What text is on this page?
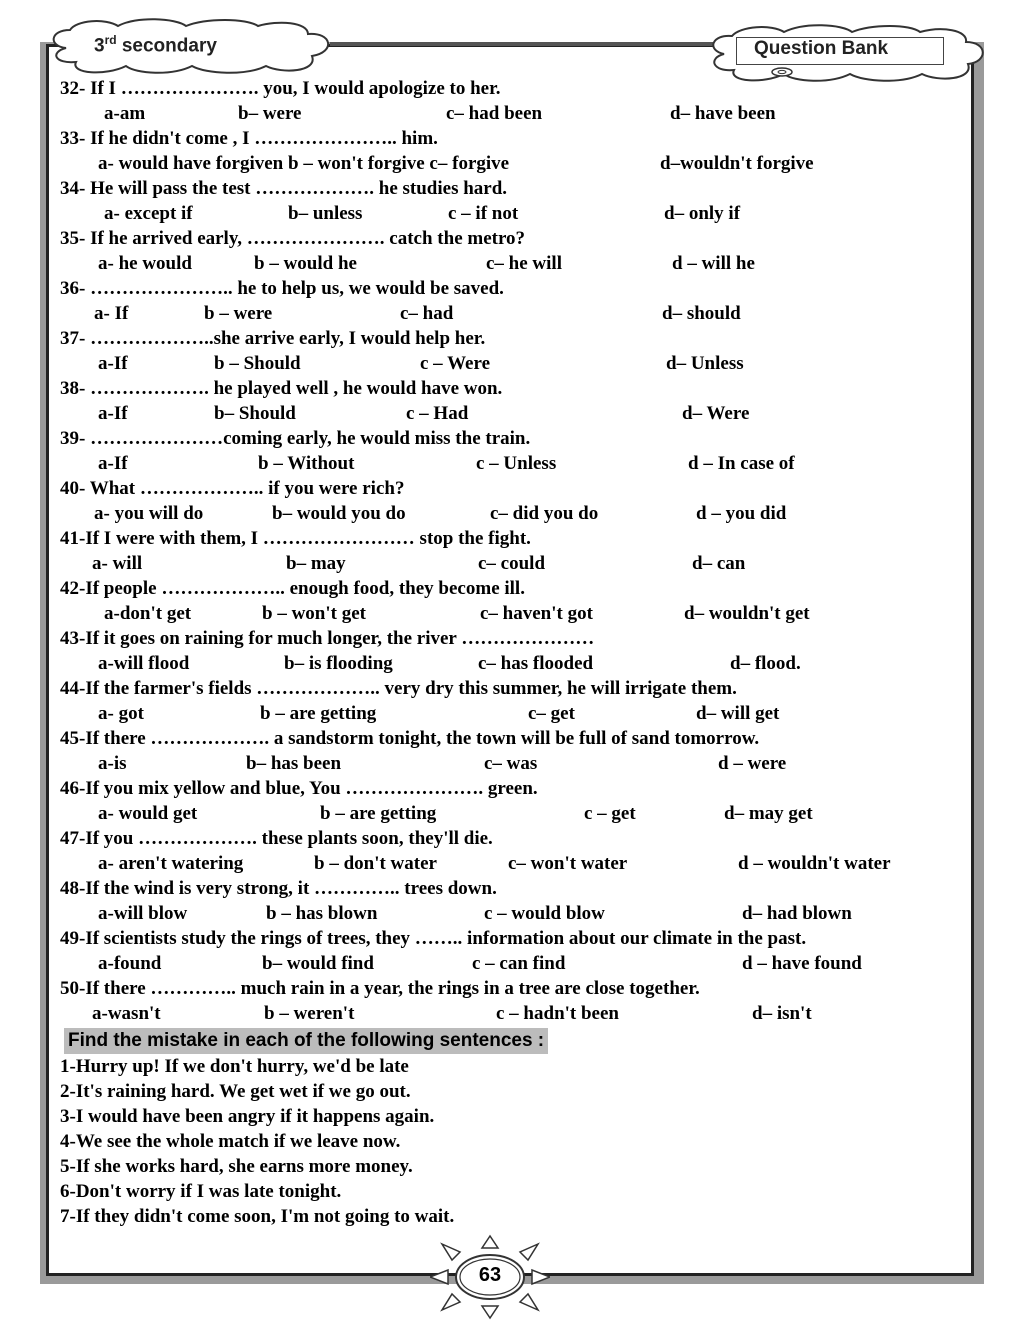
3rd secondary	Question Bank
32- If I …………………. you, I would apologize to her.
a-am	b– were	c– had been	d– have been
33- If he didn't come , I ………………….. him.
a- would have forgiven b – won't forgive c– forgive	d–wouldn't forgive
34- He will pass the test ………………. he studies hard.
a- except if	b– unless	c – if not	d– only if
35- If he arrived early, …………………. catch the metro?
a- he would	b – would he	c– he will	d – will he
36- ………………….. he to help us, we would be saved.
a- If	b – were	c– had	d– should
37- ………………..she arrive early, I would help her.
a-If	b – Should	c – Were	d– Unless
38- ………………. he played well , he would have won.
a-If	b– Should	c – Had	d– Were
39- …………………coming early, he would miss the train.
a-If	b – Without	c – Unless	d – In case of
40- What ……………….. if you were rich?
a- you will do	b– would you do	c– did you do	d – you did
41-If I were with them, I …………………… stop the fight.
a- will	b– may	c– could	d– can
42-If people ……………….. enough food, they become ill.
a-don't get	b – won't get	c– haven't got	d– wouldn't get
43-If it goes on raining for much longer, the river …………………
a-will flood	b– is flooding	c– has flooded	d– flood.
44-If the farmer's fields ……………….. very dry this summer, he will irrigate them.
a- got	b – are getting	c– get	d– will get
45-If there ………………. a sandstorm tonight, the town will be full of sand tomorrow.
a-is	b– has been	c– was	d – were
46-If you mix yellow and blue, You …………………. green.
a- would get	b – are getting	c – get	d– may get
47-If you ………………. these plants soon, they'll die.
a- aren't watering	b – don't water	c– won't water	d – wouldn't water
48-If the wind is very strong, it ………….. trees down.
a-will blow	b – has blown	c – would blow	d– had blown
49-If scientists study the rings of trees, they …….. information about our climate in the past.
a-found	b– would find	c – can find	d – have found
50-If there ………….. much rain in a year, the rings in a tree are close together.
a-wasn't	b – weren't	c – hadn't been	d– isn't
Find the mistake in each of the following sentences :
1-Hurry up! If we don't hurry, we'd be late
2-It's raining hard. We get wet if we go out.
3-I would have been angry if it happens again.
4-We see the whole match if we leave now.
5-If she works hard, she earns more money.
6-Don't worry if I was late tonight.
7-If they didn't come soon, I'm not going to wait.
63
